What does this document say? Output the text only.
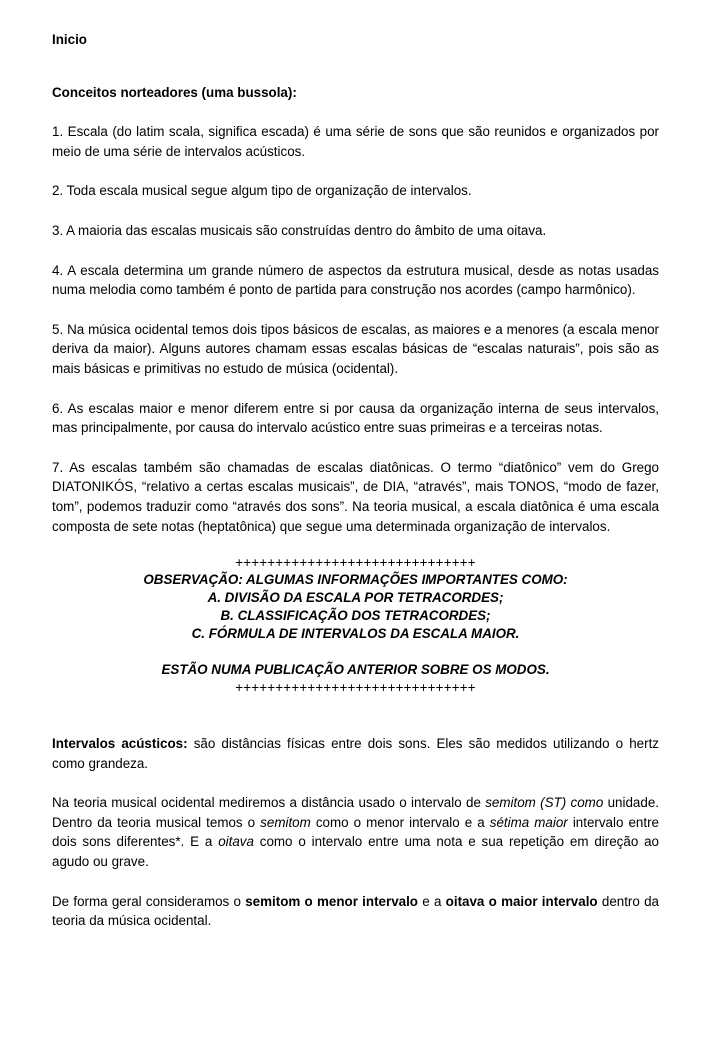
Inicio

Conceitos norteadores (uma bussola):

1. Escala (do latim scala, significa escada) é uma série de sons que são reunidos e organizados por meio de uma série de intervalos acústicos.

2. Toda escala musical segue algum tipo de organização de intervalos.

3. A maioria das escalas musicais são construídas dentro do âmbito de uma oitava.

4. A escala determina um grande número de aspectos da estrutura musical, desde as notas usadas numa melodia como também é ponto de partida para construção nos acordes (campo harmônico).

5. Na música ocidental temos dois tipos básicos de escalas, as maiores e a menores (a escala menor deriva da maior). Alguns autores chamam essas escalas básicas de “escalas naturais”, pois são as mais básicas e primitivas no estudo de música (ocidental).

6. As escalas maior e menor diferem entre si por causa da organização interna de seus intervalos, mas principalmente, por causa do intervalo acústico entre suas primeiras e a terceiras notas.

7. As escalas também são chamadas de escalas diatônicas. O termo “diatônico” vem do Grego DIATONIKÓS, “relativo a certas escalas musicais”, de DIA, “através”, mais TONOS, “modo de fazer, tom”, podemos traduzir como “através dos sons”. Na teoria musical, a escala diatônica é uma escala composta de sete notas (heptatônica) que segue uma determinada organização de intervalos.

++++++++++++++++++++++++++++++

OBSERVAÇÃO: ALGUMAS INFORMAÇÕES IMPORTANTES COMO:

A. DIVISÃO DA ESCALA POR TETRACORDES;

B. CLASSIFICAÇÃO DOS TETRACORDES;

C. FÓRMULA DE INTERVALOS DA ESCALA MAIOR.

ESTÃO NUMA PUBLICAÇÃO ANTERIOR SOBRE OS MODOS.

++++++++++++++++++++++++++++++

Intervalos acústicos: são distâncias físicas entre dois sons. Eles são medidos utilizando o hertz como grandeza.

Na teoria musical ocidental mediremos a distância usado o intervalo de semitom (ST) como unidade. Dentro da teoria musical temos o semitom como o menor intervalo e a sétima maior intervalo entre dois sons diferentes*. E a oitava como o intervalo entre uma nota e sua repetição em direção ao agudo ou grave.

De forma geral consideramos o semitom o menor intervalo e a oitava o maior intervalo dentro da teoria da música ocidental.
